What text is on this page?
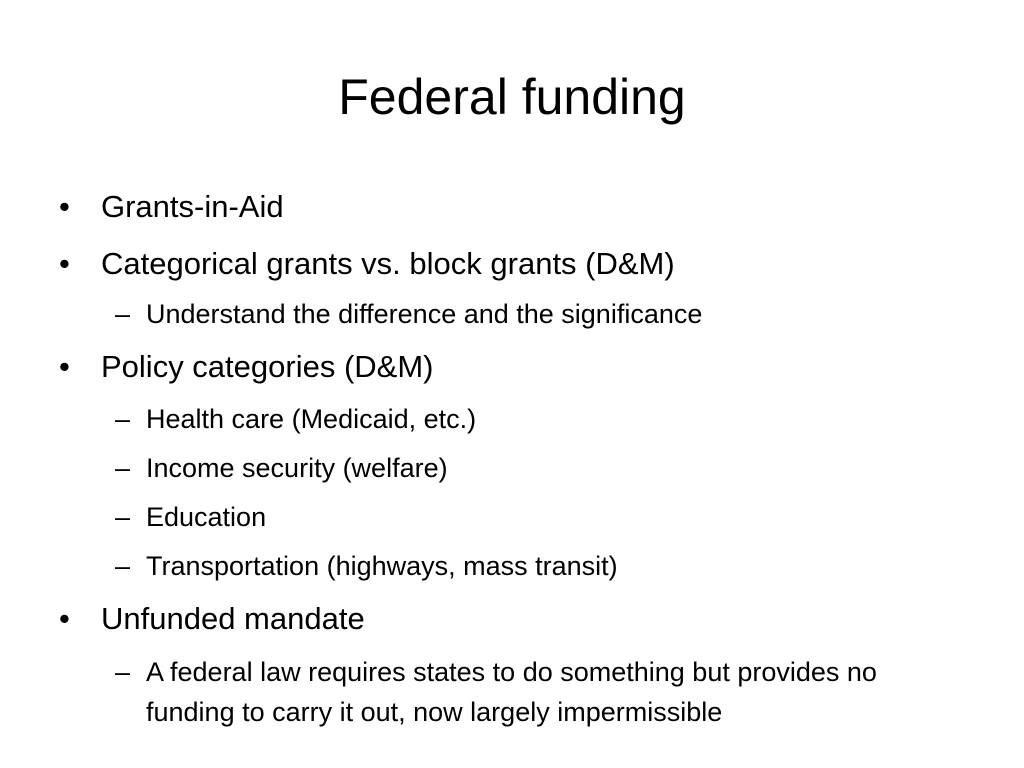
Federal funding
• Grants-in-Aid
• Categorical grants vs. block grants (D&M)
– Understand the difference and the significance
• Policy categories (D&M)
– Health care (Medicaid, etc.)
– Income security (welfare)
– Education
– Transportation (highways, mass transit)
• Unfunded mandate
– A federal law requires states to do something but provides no funding to carry it out, now largely impermissible
